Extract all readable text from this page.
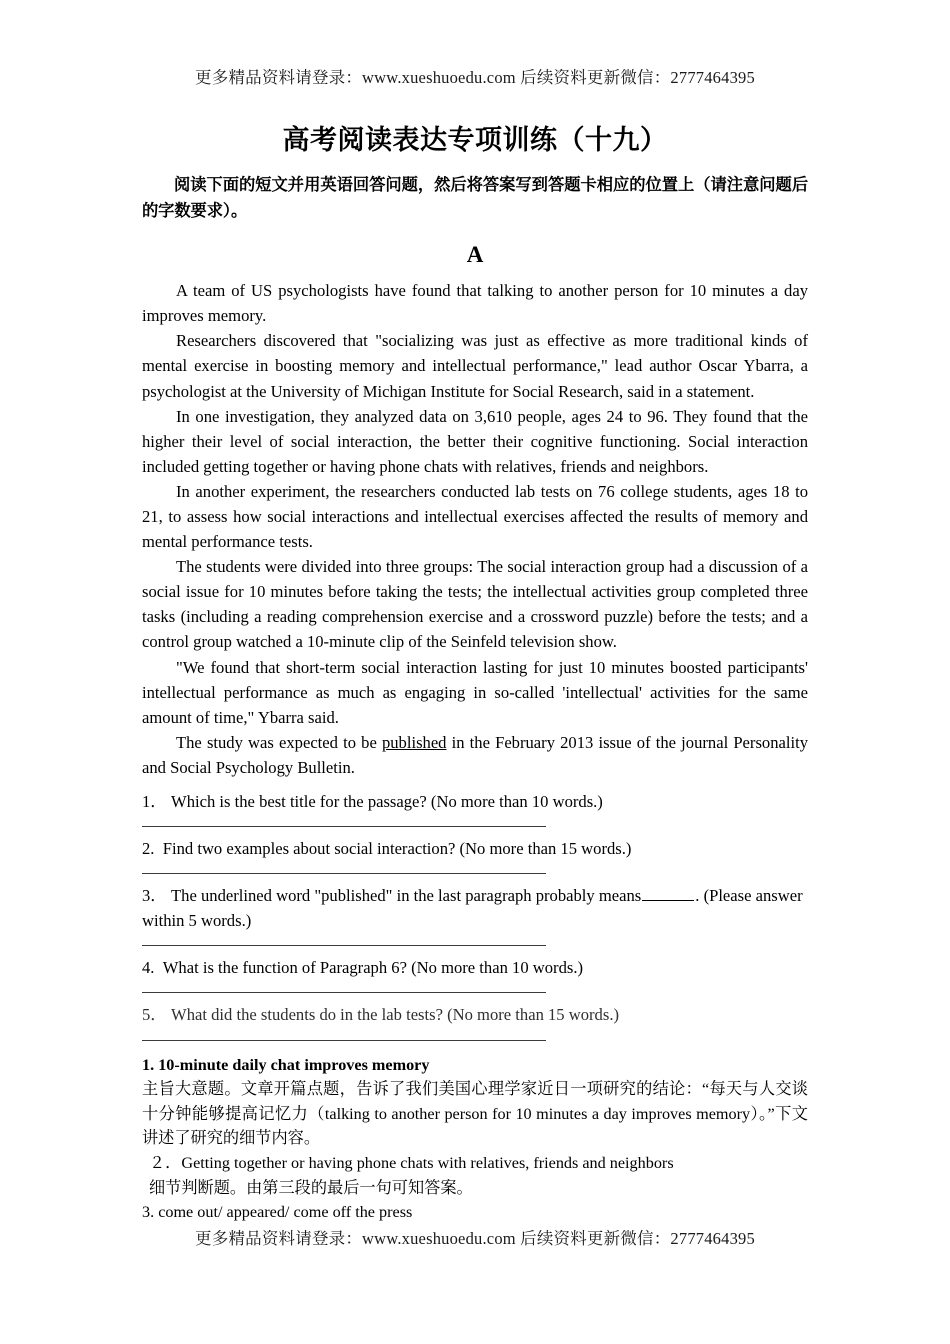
更多精品资料请登录：www.xueshuoedu.com 后续资料更新微信：2777464395
高考阅读表达专项训练（十九）

阅读下面的短文并用英语回答问题，然后将答案写到答题卡相应的位置上（请注意问题后的字数要求）。

A

A team of US psychologists have found that talking to another person for 10 minutes a day improves memory.

Researchers discovered that "socializing was just as effective as more traditional kinds of mental exercise in boosting memory and intellectual performance," lead author Oscar Ybarra, a psychologist at the University of Michigan Institute for Social Research, said in a statement.

In one investigation, they analyzed data on 3,610 people, ages 24 to 96. They found that the higher their level of social interaction, the better their cognitive functioning. Social interaction included getting together or having phone chats with relatives, friends and neighbors.

In another experiment, the researchers conducted lab tests on 76 college students, ages 18 to 21, to assess how social interactions and intellectual exercises affected the results of memory and mental performance tests.

The students were divided into three groups: The social interaction group had a discussion of a social issue for 10 minutes before taking the tests; the intellectual activities group completed three tasks (including a reading comprehension exercise and a crossword puzzle) before the tests; and a control group watched a 10-minute clip of the Seinfeld television show.

"We found that short-term social interaction lasting for just 10 minutes boosted participants' intellectual performance as much as engaging in so-called 'intellectual' activities for the same amount of time," Ybarra said.

The study was expected to be published in the February 2013 issue of the journal Personality and Social Psychology Bulletin.

1． Which is the best title for the passage? (No more than 10 words.)

2. Find two examples about social interaction? (No more than 15 words.)

3． The underlined word "published" in the last paragraph probably means	. (Please answer within 5 words.)

4. What is the function of Paragraph 6? (No more than 10 words.)

5． What did the students do in the lab tests? (No more than 15 words.)

1. 10-minute daily chat improves memory

主旨大意题。文章开篇点题，告诉了我们美国心理学家近日一项研究的结论：“每天与人交谈十分钟能够提高记忆力（talking to another person for 10 minutes a day improves memory）。”下文讲述了研究的细节内容。

２．Getting together or having phone chats with relatives, friends and neighbors

细节判断题。由第三段的最后一句可知答案。

3. come out/ appeared/ come off the press

更多精品资料请登录：www.xueshuoedu.com 后续资料更新微信：2777464395
